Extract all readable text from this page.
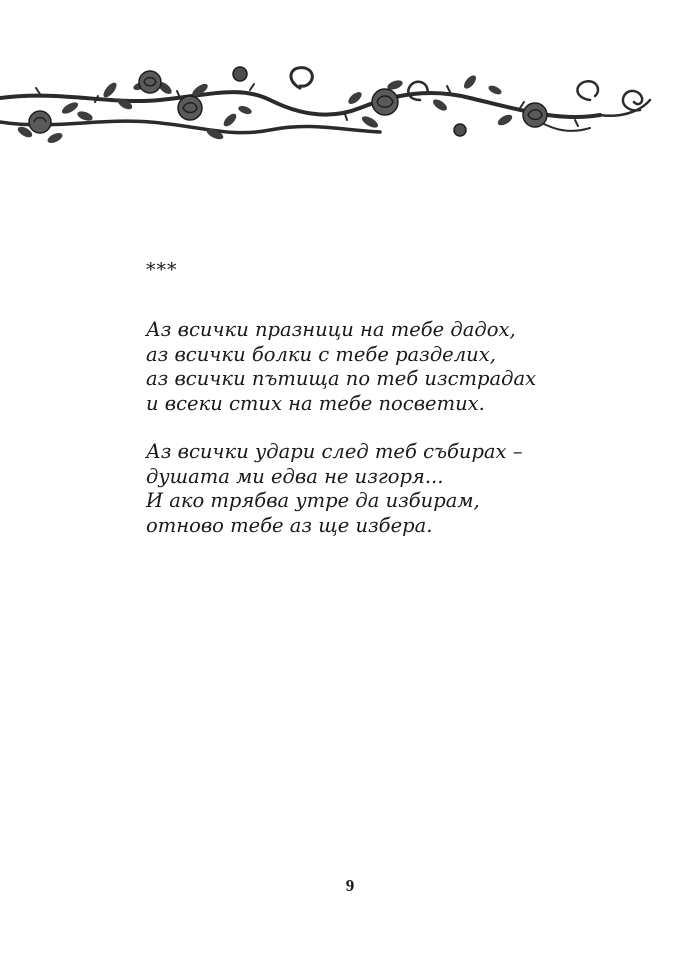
***
Аз всички празници на тебе дадох,
аз всички болки с тебе разделих,
аз всички пътища по теб изстрадах
и всеки стих на тебе посветих.
Аз всички удари след теб събирах –
душата ми едва не изгоря...
И ако трябва утре да избирам,
отново тебе аз ще избера.
9
